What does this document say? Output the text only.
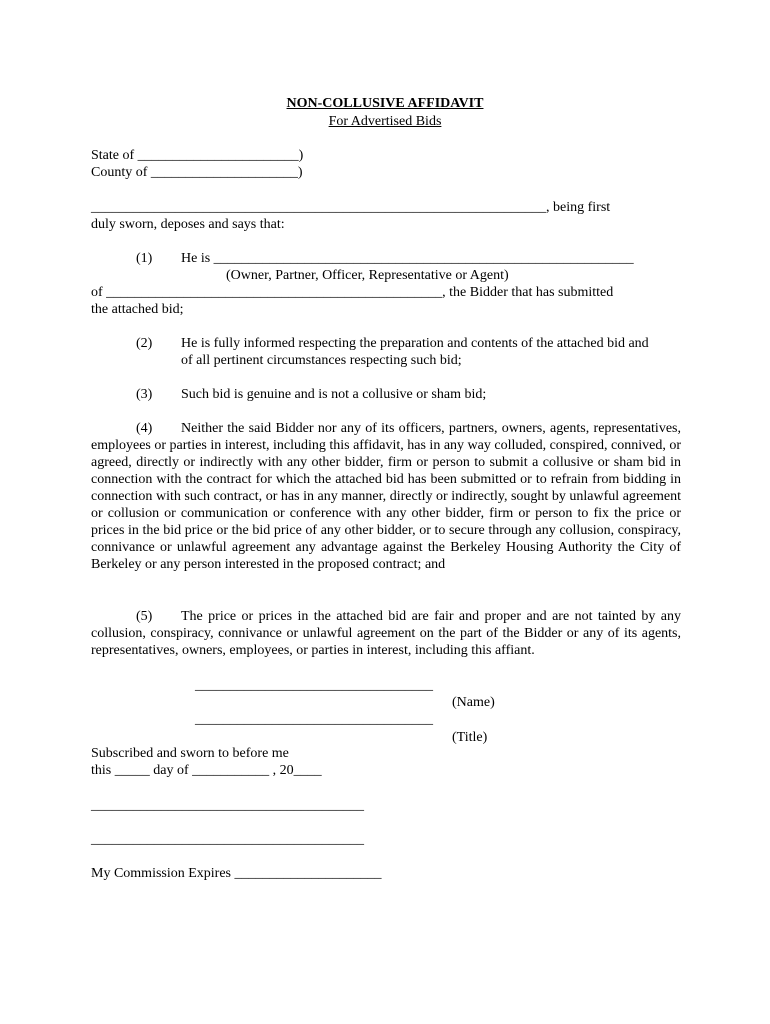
NON-COLLUSIVE AFFIDAVIT
For Advertised Bids
State of _______________________)
County of _____________________)
_________________________________________________________________, being first
duly sworn, deposes and says that:
(1) He is ____________________________________________________________
(Owner, Partner, Officer, Representative or Agent)
of ________________________________________________, the Bidder that has submitted
the attached bid;
(2) He is fully informed respecting the preparation and contents of the attached bid and
of all pertinent circumstances respecting such bid;
(3) Such bid is genuine and is not a collusive or sham bid;
(4) Neither the said Bidder nor any of its officers, partners, owners, agents, representatives, employees or parties in interest, including this affidavit, has in any way colluded, conspired, connived, or agreed, directly or indirectly with any other bidder, firm or person to submit a collusive or sham bid in connection with the contract for which the attached bid has been submitted or to refrain from bidding in connection with such contract, or has in any manner, directly or indirectly, sought by unlawful agreement or collusion or communication or conference with any other bidder, firm or person to fix the price or prices in the bid price or the bid price of any other bidder, or to secure through any collusion, conspiracy, connivance or unlawful agreement any advantage against the Berkeley Housing Authority the City of Berkeley or any person interested in the proposed contract; and
(5) The price or prices in the attached bid are fair and proper and are not tainted by any collusion, conspiracy, connivance or unlawful agreement on the part of the Bidder or any of its agents, representatives, owners, employees, or parties in interest, including this affiant.
__________________________________
(Name)
__________________________________
(Title)
Subscribed and sworn to before me
this _____ day of ___________ , 20____
_______________________________________
_______________________________________
My Commission Expires _____________________
